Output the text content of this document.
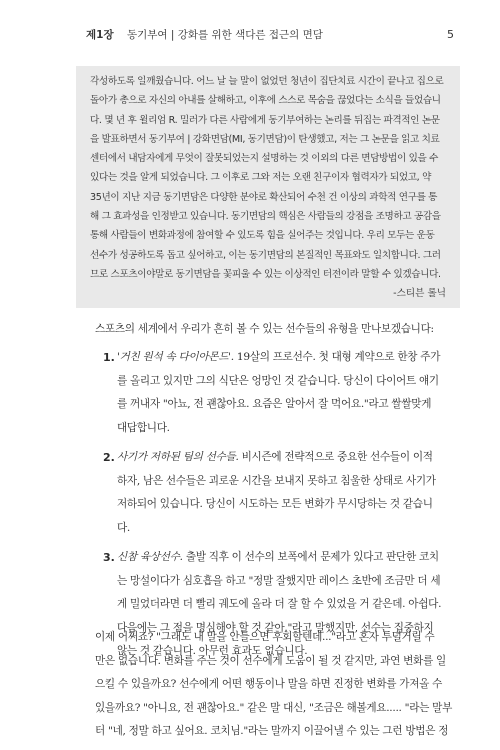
제1장 동기부여 | 강화를 위한 색다른 접근의 면담	5
각성하도록 일깨웠습니다. 어느 날 늘 말이 없었던 청년이 집단치료 시간이 끝나고 집으로
돌아가 총으로 자신의 아내를 살해하고, 이후에 스스로 목숨을 끊었다는 소식을 들었습니
다. 몇 년 후 윌리엄 R. 밀러가 다른 사람에게 동기부여하는 논리를 뒤집는 파격적인 논문
을 발표하면서 동기부여 | 강화면담(MI, 동기면담)이 탄생했고, 저는 그 논문을 읽고 치료
센터에서 내담자에게 무엇이 잘못되었는지 설명하는 것 이외의 다른 면담방법이 있을 수
있다는 것을 알게 되었습니다. 그 이후로 그와 저는 오랜 친구이자 협력자가 되었고, 약
35년이 지난 지금 동기면담은 다양한 분야로 확산되어 수천 건 이상의 과학적 연구를 통
해 그 효과성을 인정받고 있습니다. 동기면담의 핵심은 사람들의 강점을 조명하고 공감을
통해 사람들이 변화과정에 참여할 수 있도록 힘을 실어주는 것입니다. 우리 모두는 운동
선수가 성공하도록 돕고 싶어하고, 이는 동기면담의 본질적인 목표와도 일치합니다. 그러
므로 스포츠이야말로 동기면담을 꽃피울 수 있는 이상적인 터전이라 말할 수 있겠습니다.
-스티븐 롤닉
스포츠의 세계에서 우리가 흔히 볼 수 있는 선수들의 유형을 만나보겠습니다:
1. '거친 원석 속 다이아몬드'. 19살의 프로선수. 첫 대형 계약으로 한창 주가
를 올리고 있지만 그의 식단은 엉망인 것 같습니다. 당신이 다이어트 얘기
를 꺼내자 "아뇨, 전 괜찮아요. 요즘은 알아서 잘 먹어요."라고 쌀쌀맞게
대답합니다.
2. 사기가 저하된 팀의 선수들. 비시즌에 전략적으로 중요한 선수들이 이적
하자, 남은 선수들은 괴로운 시간을 보내지 못하고 침울한 상태로 사기가
저하되어 있습니다. 당신이 시도하는 모든 변화가 무시당하는 것 같습니
다.
3. 신참 육상선수. 출발 직후 이 선수의 보폭에서 문제가 있다고 판단한 코치
는 망설이다가 심호흡을 하고 "정말 잘했지만 레이스 초반에 조금만 더 세
게 밀었더라면 더 빨리 궤도에 올라 더 잘 할 수 있었을 거 같은데. 아쉽다.
다음에는 그 점을 명심해야 할 것 같아."라고 말했지만, 선수는 집중하지
않는 것 같습니다. 아무런 효과도 없습니다.
이제 어쩌죠? "그래도 내 말을 안들으면 후회할텐데..."라고 혼자 투덜거릴 수
만은 없습니다. 변화를 주는 것이 선수에게 도움이 될 것 같지만, 과연 변화를 일
으킬 수 있을까요? 선수에게 어떤 행동이나 말을 하면 진정한 변화를 가져올 수
있을까요? "아니요, 전 괜찮아요." 같은 말 대신, "조금은 해볼게요..... "라는 말부
터 "네, 정말 하고 싶어요. 코치님."라는 말까지 이끌어낼 수 있는 그런 방법은 정
